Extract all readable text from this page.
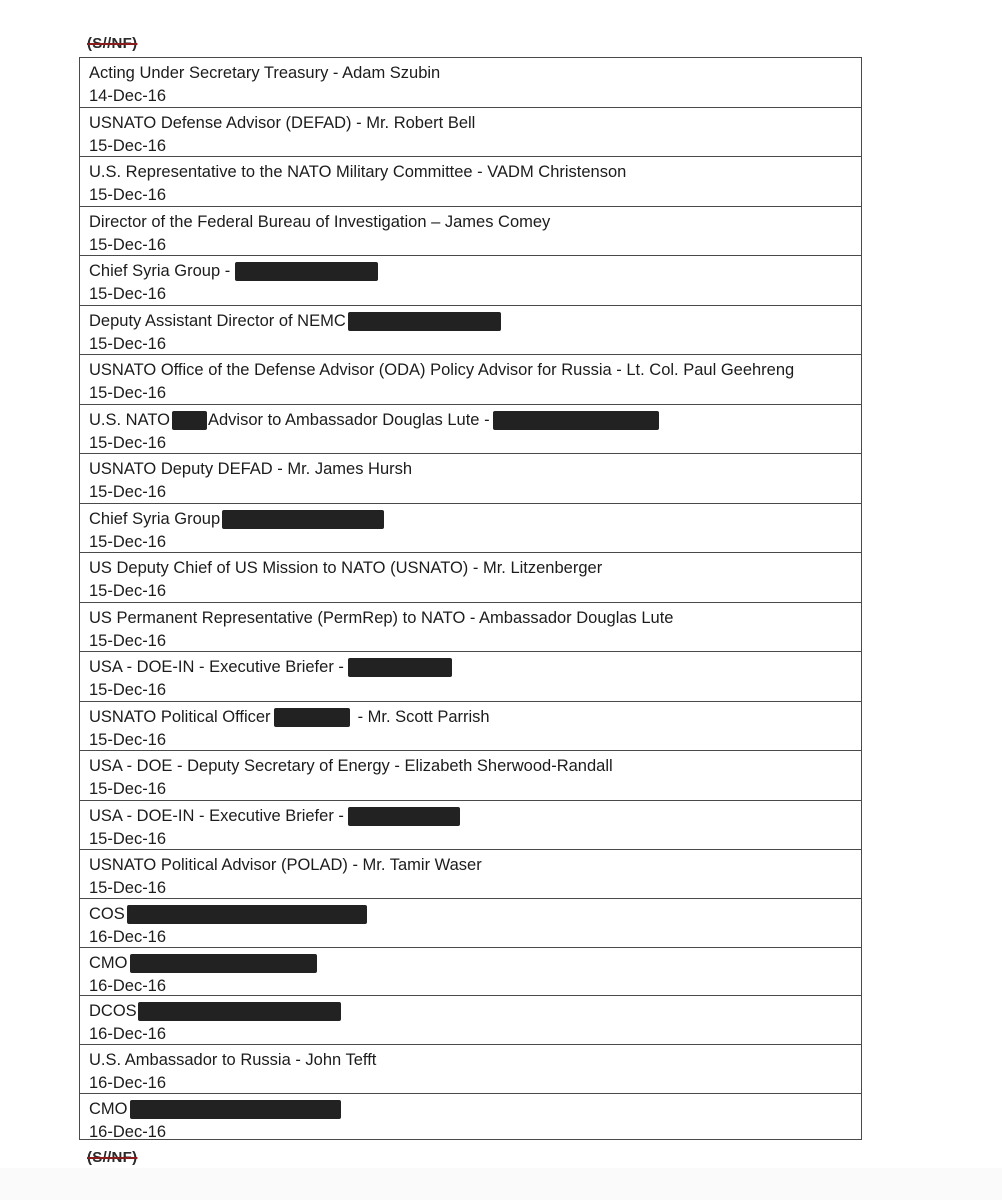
(S//NF)
Acting Under Secretary Treasury - Adam Szubin
14-Dec-16
USNATO Defense Advisor (DEFAD) - Mr. Robert Bell
15-Dec-16
U.S. Representative to the NATO Military Committee - VADM Christenson
15-Dec-16
Director of the Federal Bureau of Investigation – James Comey
15-Dec-16
Chief Syria Group -
15-Dec-16
Deputy Assistant Director of NEMC
15-Dec-16
USNATO Office of the Defense Advisor (ODA) Policy Advisor for Russia - Lt. Col. Paul Geehreng
15-Dec-16
U.S. NATO Advisor to Ambassador Douglas Lute -
15-Dec-16
USNATO Deputy DEFAD - Mr. James Hursh
15-Dec-16
Chief Syria Group
15-Dec-16
US Deputy Chief of US Mission to NATO (USNATO) - Mr. Litzenberger
15-Dec-16
US Permanent Representative (PermRep) to NATO - Ambassador Douglas Lute
15-Dec-16
USA - DOE-IN - Executive Briefer -
15-Dec-16
USNATO Political Officer	- Mr. Scott Parrish
15-Dec-16
USA - DOE - Deputy Secretary of Energy - Elizabeth Sherwood-Randall
15-Dec-16
USA - DOE-IN - Executive Briefer -
15-Dec-16
USNATO Political Advisor (POLAD) - Mr. Tamir Waser
15-Dec-16
COS
16-Dec-16
CMO
16-Dec-16
DCOS
16-Dec-16
U.S. Ambassador to Russia - John Tefft
16-Dec-16
CMO
16-Dec-16
(S//NF)
